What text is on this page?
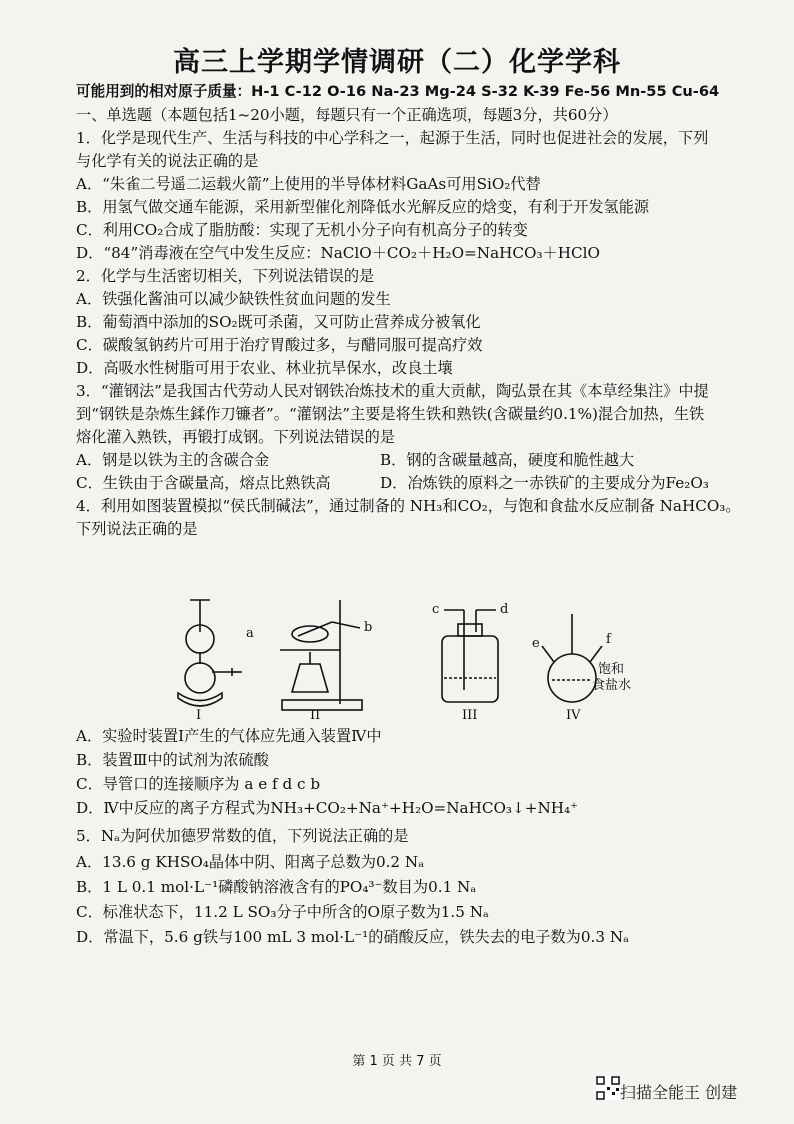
高三上学期学情调研（二）化学学科
可能用到的相对原子质量：H-1 C-12 O-16 Na-23 Mg-24 S-32 K-39 Fe-56 Mn-55 Cu-64
一、单选题（本题包括1~20小题，每题只有一个正确选项，每题3分，共60分）
1．化学是现代生产、生活与科技的中心学科之一，起源于生活，同时也促进社会的发展，下列
与化学有关的说法正确的是
A．“朱雀二号遥二运载火箭”上使用的半导体材料GaAs可用SiO₂代替
B．用氢气做交通车能源，采用新型催化剂降低水光解反应的焓变，有利于开发氢能源
C．利用CO₂合成了脂肪酸：实现了无机小分子向有机高分子的转变
D．“84”消毒液在空气中发生反应：NaClO＋CO₂＋H₂O=NaHCO₃＋HClO
2．化学与生活密切相关，下列说法错误的是
A．铁强化酱油可以减少缺铁性贫血问题的发生
B．葡萄酒中添加的SO₂既可杀菌，又可防止营养成分被氧化
C．碳酸氢钠药片可用于治疗胃酸过多，与醋同服可提高疗效
D．高吸水性树脂可用于农业、林业抗旱保水，改良土壤
3．“灌钢法”是我国古代劳动人民对钢铁冶炼技术的重大贡献，陶弘景在其《本草经集注》中提
到“钢铁是杂炼生鍒作刀镰者”。“灌钢法”主要是将生铁和熟铁(含碳量约0.1%)混合加热，生铁
熔化灌入熟铁，再锻打成钢。下列说法错误的是
A．钢是以铁为主的含碳合金	B．钢的含碳量越高，硬度和脆性越大
C．生铁由于含碳量高，熔点比熟铁高	D．冶炼铁的原料之一赤铁矿的主要成分为Fe₂O₃
4．利用如图装置模拟“侯氏制碱法”，通过制备的 NH₃和CO₂，与饱和食盐水反应制备 NaHCO₃。
下列说法正确的是
a	b
c	d
e	f
饱和
食盐水
I	II	III	IV
A．实验时装置Ⅰ产生的气体应先通入装置Ⅳ中
B．装置Ⅲ中的试剂为浓硫酸
C．导管口的连接顺序为 a e f d c b
D．Ⅳ中反应的离子方程式为NH₃+CO₂+Na⁺+H₂O=NaHCO₃↓+NH₄⁺
5．Nₐ为阿伏加德罗常数的值，下列说法正确的是
A．13.6 g KHSO₄晶体中阴、阳离子总数为0.2 Nₐ
B．1 L 0.1 mol·L⁻¹磷酸钠溶液含有的PO₄³⁻数目为0.1 Nₐ
C．标准状态下，11.2 L SO₃分子中所含的O原子数为1.5 Nₐ
D．常温下，5.6 g铁与100 mL 3 mol·L⁻¹的硝酸反应，铁失去的电子数为0.3 Nₐ
第 1 页 共 7 页
扫描全能王 创建
